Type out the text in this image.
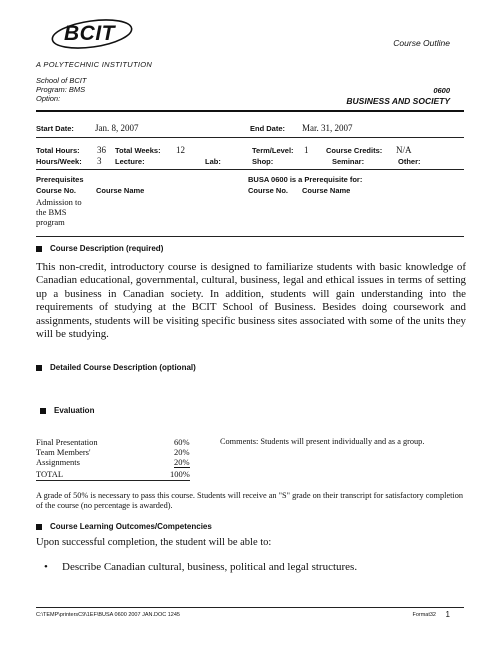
BCIT
A POLYTECHNIC INSTITUTION
Course Outline
School of BCIT
Program: BMS
Option:
0600
BUSINESS AND SOCIETY
Start Date: Jan. 8, 2007	End Date: Mar. 31, 2007
Total Hours: 36 Total Weeks: 12	Term/Level: 1 Course Credits: N/A
Hours/Week: 3 Lecture:	Lab:	Shop:	Seminar:	Other:
Prerequisites
Course No.	Course Name
Admission to the BMS program
BUSA 0600 is a Prerequisite for:
Course No. Course Name
Course Description (required)
This non-credit, introductory course is designed to familiarize students with basic knowledge of Canadian educational, governmental, cultural, business, legal and ethical issues in terms of setting up a business in Canadian society. In addition, students will gain understanding into the requirements of studying at the BCIT School of Business. Besides doing coursework and assignments, students will be visiting specific business sites associated with some of the units they will be studying.
Detailed Course Description (optional)
Evaluation
Final Presentation	60%
Team Members'	20%
Assignments	20%
TOTAL	100%
Comments: Students will present individually and as a group.
A grade of 50% is necessary to pass this course. Students will receive an "S" grade on their transcript for satisfactory completion of the course (no percentage is awarded).
Course Learning Outcomes/Competencies
Upon successful completion, the student will be able to:
• Describe Canadian cultural, business, political and legal structures.
C:\TEMP\printersC9\1EF\BUSA 0600 2007 JAN.DOC 1245	Format32 1
